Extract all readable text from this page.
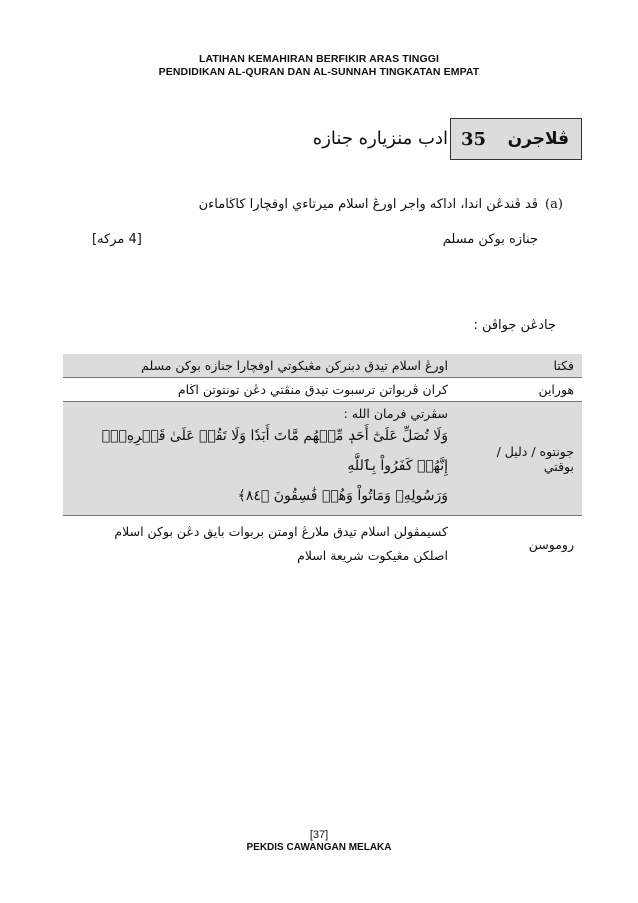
LATIHAN KEMAHIRAN BERFIKIR ARAS TINGGI
PENDIDIKAN AL-QURAN DAN AL-SUNNAH TINGKATAN EMPAT
35 ڤلاجرن
ادب منزياره جنازه
(a)
ڤد ڤندڠن اندا، اداكه واجر اورڠ اسلام ميرتاءي اوفچارا كاڬاماءن
جنازه بوكن مسلم
[4 مركه]
جادڠن جواڤن :
فكتا	اورڠ اسلام تيدق دبنركن مڠيكوتي اوفچارا جنازه بوكن مسلم
هوراين	كران ڤربواتن ترسبوت تيدق منڤتي دڠن تونتوتن اڬام
جونتوه / دليل / بوقتي	سڤرتي فرمان الله :
وَلَا تُصَلِّ عَلَىٰٓ أَحَدٖ مِّنۡهُم مَّاتَ أَبَدٗا وَلَا تَقُمۡ عَلَىٰ قَبۡرِهِۦٓۖ إِنَّهُمۡ كَفَرُواْ بِٱللَّهِ
وَرَسُولِهِۦ وَمَاتُواْ وَهُمۡ فَٰسِقُونَ ﴿٨٤﴾

روموسن	كسيمڤولن اسلام تيدق ملارڠ اومتن بربوات بايق دڠن بوكن اسلام
اصلكن مڠيكوت شريعة اسلام
[37]
PEKDIS CAWANGAN MELAKA
